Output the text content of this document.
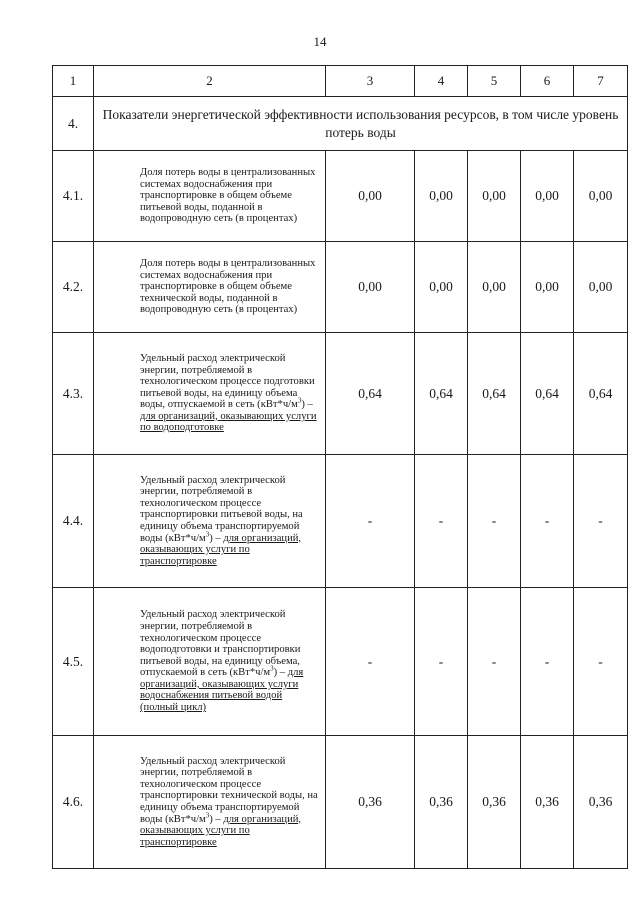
14
1	2	3	4	5	6	7
4.	Показатели энергетической эффективности использования ресурсов, в том числе уровень потерь воды					
4.1.	Доля потерь воды в централизованных системах водоснабжения при транспортировке в общем объеме питьевой воды, поданной в водопроводную сеть (в процентах)	0,00	0,00	0,00	0,00	0,00
4.2.	Доля потерь воды в централизованных системах водоснабжения при транспортировке в общем объеме технической воды, поданной в водопроводную сеть (в процентах)	0,00	0,00	0,00	0,00	0,00
4.3.	Удельный расход электрической энергии, потребляемой в технологическом процессе подготовки питьевой воды, на единицу объема воды, отпускаемой в сеть $(кВт*ч/м^3)$ – для организаций, оказывающих услуги по водоподготовке	0,64	0,64	0,64	0,64	0,64
4.4.	Удельный расход электрической энергии, потребляемой в технологическом процессе транспортировки питьевой воды, на единицу объема транспортируемой воды $(кВт*ч/м^3)$ – для организаций, оказывающих услуги по транспортировке	-	-	-	-	-
4.5.	Удельный расход электрической энергии, потребляемой в технологическом процессе водоподготовки и транспортировки питьевой воды, на единицу объема, отпускаемой в сеть $(кВт*ч/м^3)$ – для организаций, оказывающих услуги водоснабжения питьевой водой (полный цикл)	-	-	-	-	-
4.6.	Удельный расход электрической энергии, потребляемой в технологическом процессе транспортировки технической воды, на единицу объема транспортируемой воды $(кВт*ч/м^3)$ – для организаций, оказывающих услуги по транспортировке	0,36	0,36	0,36	0,36	0,36
